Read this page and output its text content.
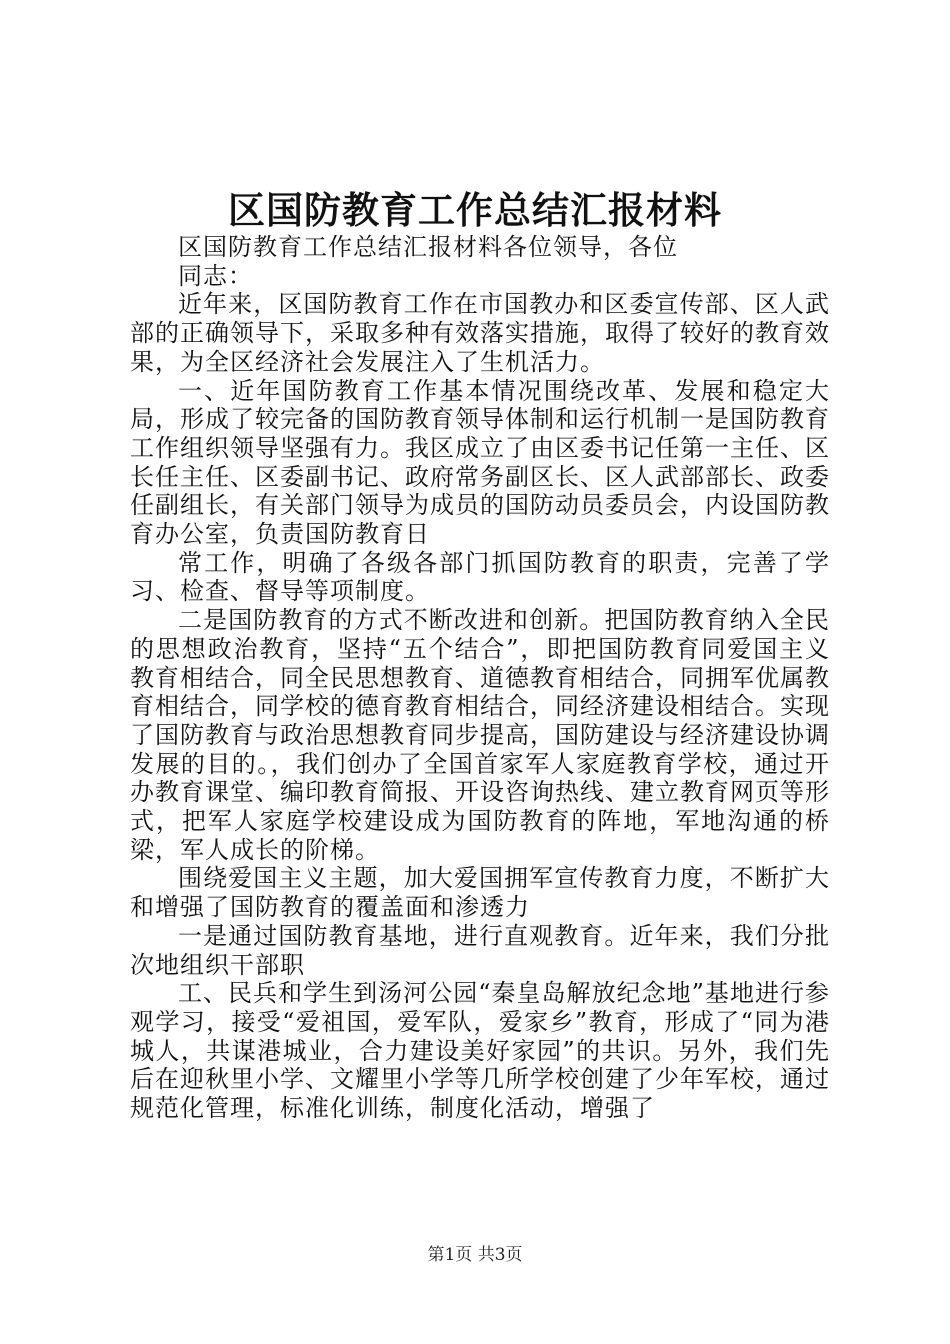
区国防教育工作总结汇报材料

区国防教育工作总结汇报材料各位领导，各位

同志：

近年来，区国防教育工作在市国教办和区委宣传部、区人武部的正确领导下，采取多种有效落实措施，取得了较好的教育效果，为全区经济社会发展注入了生机活力。

一、近年国防教育工作基本情况围绕改革、发展和稳定大局，形成了较完备的国防教育领导体制和运行机制一是国防教育工作组织领导坚强有力。我区成立了由区委书记任第一主任、区长任主任、区委副书记、政府常务副区长、区人武部部长、政委任副组长，有关部门领导为成员的国防动员委员会，内设国防教育办公室，负责国防教育日

常工作，明确了各级各部门抓国防教育的职责，完善了学习、检查、督导等项制度。

二是国防教育的方式不断改进和创新。把国防教育纳入全民的思想政治教育，坚持“五个结合”，即把国防教育同爱国主义教育相结合，同全民思想教育、道德教育相结合，同拥军优属教育相结合，同学校的德育教育相结合，同经济建设相结合。实现了国防教育与政治思想教育同步提高，国防建设与经济建设协调发展的目的。，我们创办了全国首家军人家庭教育学校，通过开办教育课堂、编印教育简报、开设咨询热线、建立教育网页等形式，把军人家庭学校建设成为国防教育的阵地，军地沟通的桥梁，军人成长的阶梯。

围绕爱国主义主题，加大爱国拥军宣传教育力度，不断扩大和增强了国防教育的覆盖面和渗透力

一是通过国防教育基地，进行直观教育。近年来，我们分批次地组织干部职

工、民兵和学生到汤河公园“秦皇岛解放纪念地”基地进行参观学习，接受“爱祖国，爱军队，爱家乡”教育，形成了“同为港城人，共谋港城业，合力建设美好家园”的共识。另外，我们先后在迎秋里小学、文耀里小学等几所学校创建了少年军校，通过规范化管理，标准化训练，制度化活动，增强了

第1页 共3页
